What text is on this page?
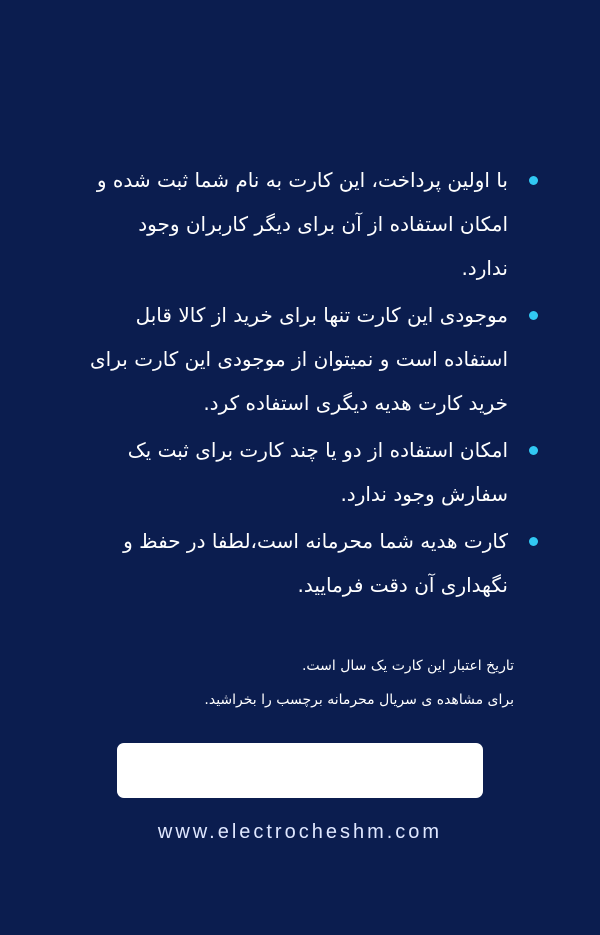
با اولین پرداخت، این کارت به نام شما ثبت شده و امکان استفاده از آن برای دیگر کاربران وجود ندارد.
موجودی این کارت تنها برای خرید از کالا قابل استفاده است و نمیتوان از موجودی این کارت برای خرید کارت هدیه دیگری استفاده کرد.
امکان استفاده از دو یا چند کارت برای ثبت یک سفارش وجود ندارد.
کارت هدیه شما محرمانه است،لطفا در حفظ و نگهداری آن دقت فرمایید.

تاریخ اعتبار این کارت یک سال است.

برای مشاهده ی سریال محرمانه برچسب را بخراشید.

www.electrocheshm.com
